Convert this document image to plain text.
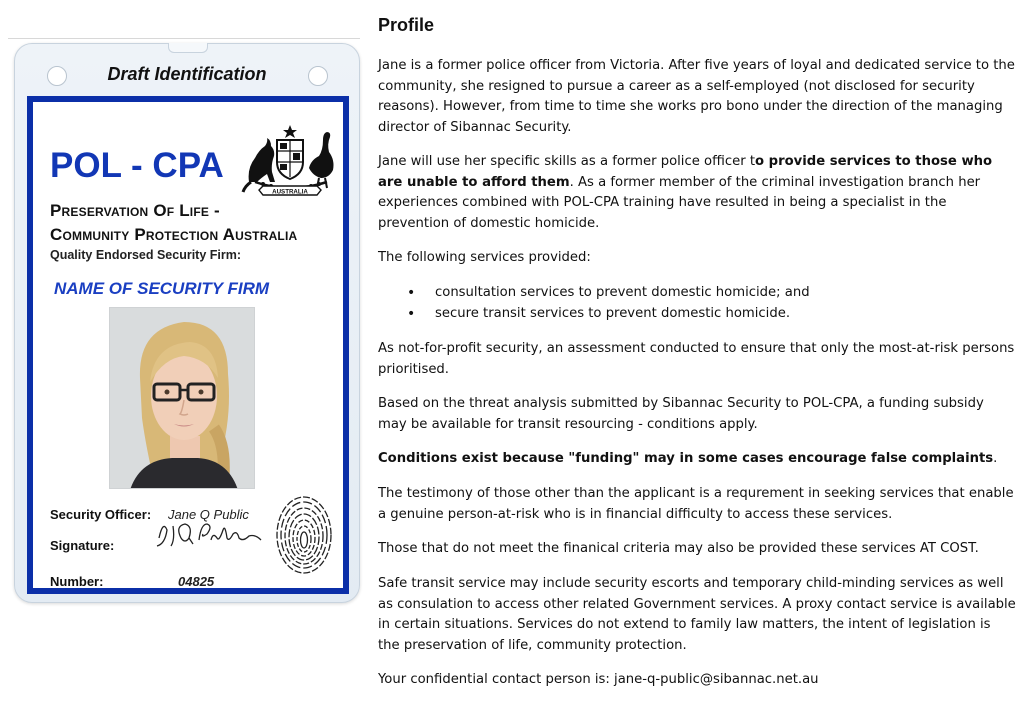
Draft Identification
POL - CPA
AUSTRALIA
Preservation Of Life -
Community Protection Australia
Quality Endorsed Security Firm:
NAME OF SECURITY FIRM
Security Officer: Jane Q Public
Signature:
Number:	04825
Profile

Jane is a former police officer from Victoria. After five years of loyal and dedicated service to the community, she resigned to pursue a career as a self-employed (not disclosed for security reasons). However, from time to time she works pro bono under the direction of the managing director of Sibannac Security.

Jane will use her specific skills as a former police officer to provide services to those who are unable to afford them. As a former member of the criminal investigation branch her experiences combined with POL-CPA training have resulted in being a specialist in the prevention of domestic homicide.

The following services provided:

• consultation services to prevent domestic homicide; and
• secure transit services to prevent domestic homicide.

As not-for-profit security, an assessment conducted to ensure that only the most-at-risk persons prioritised.

Based on the threat analysis submitted by Sibannac Security to POL-CPA, a funding subsidy may be available for transit resourcing - conditions apply.

Conditions exist because "funding" may in some cases encourage false complaints.

The testimony of those other than the applicant is a requrement in seeking services that enable a genuine person-at-risk who is in financial difficulty to access these services.

Those that do not meet the finanical criteria may also be provided these services AT COST.

Safe transit service may include security escorts and temporary child-minding services as well as consulation to access other related Government services. A proxy contact service is available in certain situations. Services do not extend to family law matters, the intent of legislation is the preservation of life, community protection.

Your confidential contact person is: jane-q-public@sibannac.net.au
